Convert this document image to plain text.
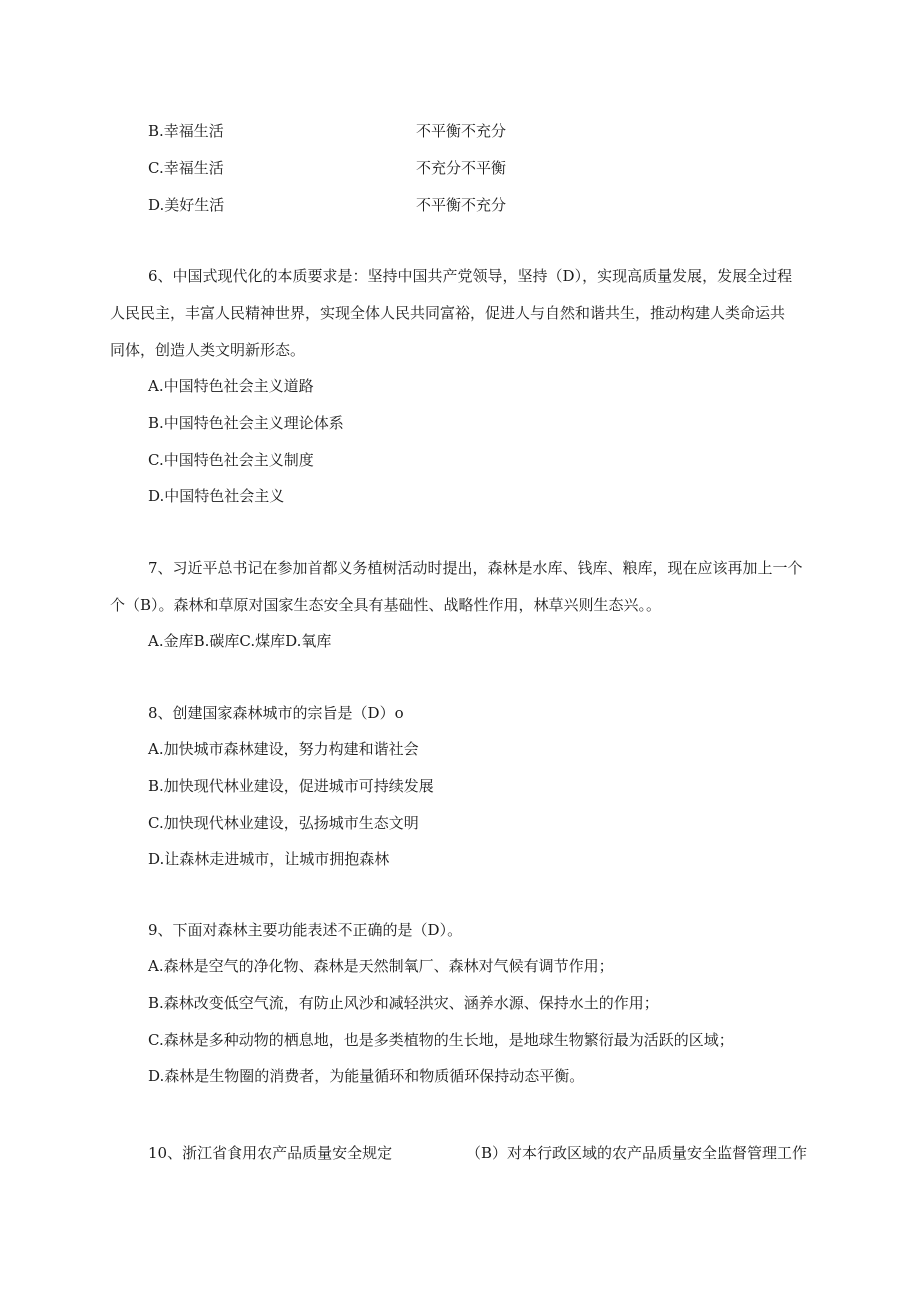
B.幸福生活	不平衡不充分
C.幸福生活	不充分不平衡
D.美好生活	不平衡不充分
6、中国式现代化的本质要求是：坚持中国共产党领导，坚持（D），实现高质量发展，发展全过程
人民民主，丰富人民精神世界，实现全体人民共同富裕，促进人与自然和谐共生，推动构建人类命运共
同体，创造人类文明新形态。
A.中国特色社会主义道路
B.中国特色社会主义理论体系
C.中国特色社会主义制度
D.中国特色社会主义
7、习近平总书记在参加首都义务植树活动时提出，森林是水库、钱库、粮库，现在应该再加上一个
个（B）。森林和草原对国家生态安全具有基础性、战略性作用，林草兴则生态兴。。
A.金库B.碳库C.煤库D.氧库
8、创建国家森林城市的宗旨是（D）o
A.加快城市森林建设，努力构建和谐社会
B.加快现代林业建设，促进城市可持续发展
C.加快现代林业建设，弘扬城市生态文明
D.让森林走进城市，让城市拥抱森林
9、下面对森林主要功能表述不正确的是（D）。
A.森林是空气的净化物、森林是天然制氧厂、森林对气候有调节作用；
B.森林改变低空气流，有防止风沙和减轻洪灾、涵养水源、保持水土的作用；
C.森林是多种动物的栖息地，也是多类植物的生长地，是地球生物繁衍最为活跃的区域；
D.森林是生物圈的消费者，为能量循环和物质循环保持动态平衡。
10、浙江省食用农产品质量安全规定	（B）对本行政区域的农产品质量安全监督管理工作
